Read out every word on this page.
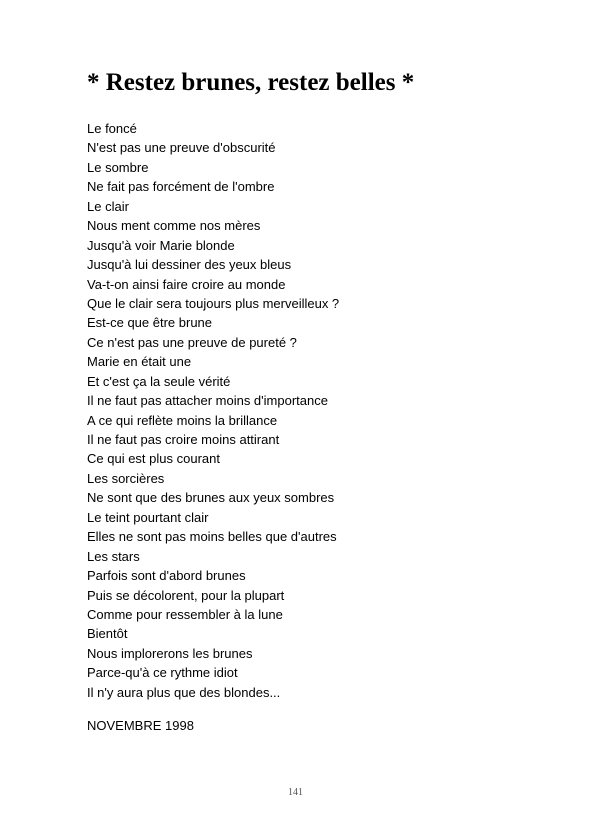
* Restez brunes, restez belles *
Le foncé
N'est pas une preuve d'obscurité
Le sombre
Ne fait pas forcément de l'ombre
Le clair
Nous ment comme nos mères
Jusqu'à voir Marie blonde
Jusqu'à lui dessiner des yeux bleus
Va-t-on ainsi faire croire au monde
Que le clair sera toujours plus merveilleux ?
Est-ce que être brune
Ce n'est pas une preuve de pureté ?
Marie en était une
Et c'est ça la seule vérité
Il ne faut pas attacher moins d'importance
A ce qui reflète moins la brillance
Il ne faut pas croire moins attirant
Ce qui est plus courant
Les sorcières
Ne sont que des brunes aux yeux sombres
Le teint pourtant clair
Elles ne sont pas moins belles que d'autres
Les stars
Parfois sont d'abord brunes
Puis se décolorent, pour la plupart
Comme pour ressembler à la lune
Bientôt
Nous implorerons les brunes
Parce-qu'à ce rythme idiot
Il n'y aura plus que des blondes...

NOVEMBRE 1998

141
